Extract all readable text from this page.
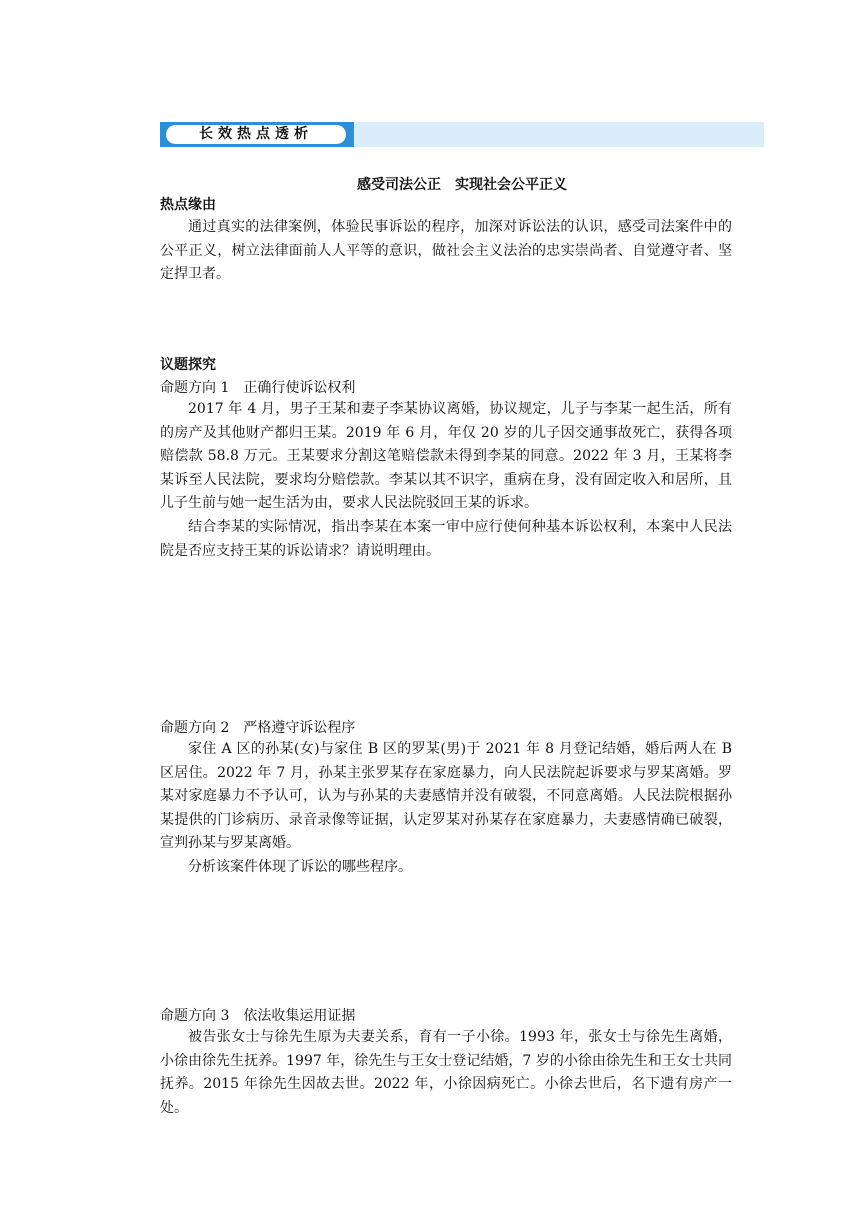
长效热点透析
感受司法公正　实现社会公平正义
热点缘由

通过真实的法律案例，体验民事诉讼的程序，加深对诉讼法的认识，感受司法案件中的公平正义，树立法律面前人人平等的意识，做社会主义法治的忠实崇尚者、自觉遵守者、坚定捍卫者。

议题探究
命题方向 1　正确行使诉讼权利

2017 年 4 月，男子王某和妻子李某协议离婚，协议规定，儿子与李某一起生活，所有的房产及其他财产都归王某。2019 年 6 月，年仅 20 岁的儿子因交通事故死亡，获得各项赔偿款 58.8 万元。王某要求分割这笔赔偿款未得到李某的同意。2022 年 3 月，王某将李某诉至人民法院，要求均分赔偿款。李某以其不识字，重病在身，没有固定收入和居所，且儿子生前与她一起生活为由，要求人民法院驳回王某的诉求。

结合李某的实际情况，指出李某在本案一审中应行使何种基本诉讼权利，本案中人民法院是否应支持王某的诉讼请求？请说明理由。

命题方向 2　严格遵守诉讼程序

家住 A 区的孙某(女)与家住 B 区的罗某(男)于 2021 年 8 月登记结婚，婚后两人在 B 区居住。2022 年 7 月，孙某主张罗某存在家庭暴力，向人民法院起诉要求与罗某离婚。罗某对家庭暴力不予认可，认为与孙某的夫妻感情并没有破裂，不同意离婚。人民法院根据孙某提供的门诊病历、录音录像等证据，认定罗某对孙某存在家庭暴力，夫妻感情确已破裂，宣判孙某与罗某离婚。

分析该案件体现了诉讼的哪些程序。

命题方向 3　依法收集运用证据

被告张女士与徐先生原为夫妻关系，育有一子小徐。1993 年，张女士与徐先生离婚，小徐由徐先生抚养。1997 年，徐先生与王女士登记结婚，7 岁的小徐由徐先生和王女士共同抚养。2015 年徐先生因故去世。2022 年，小徐因病死亡。小徐去世后，名下遗有房产一处。
